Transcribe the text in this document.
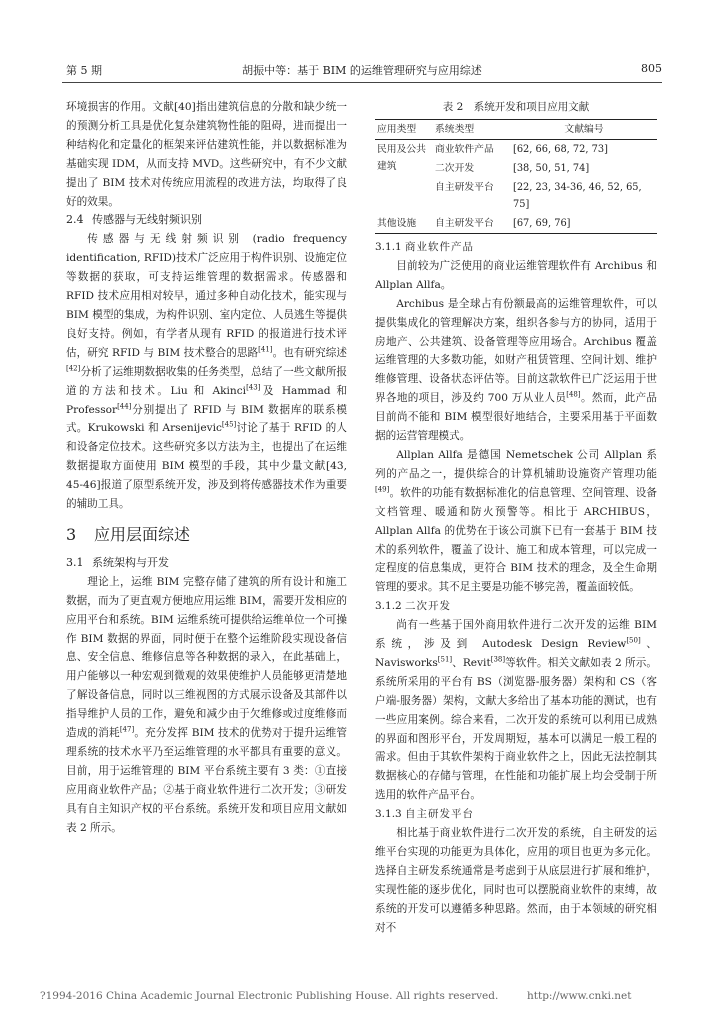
第 5 期	胡振中等：基于 BIM 的运维管理研究与应用综述	805
环境损害的作用。文献[40]指出建筑信息的分散和缺少统一的预测分析工具是优化复杂建筑物性能的阻碍，进而提出一种结构化和定量化的框架来评估建筑性能，并以数据标准为基础实现 IDM，从而支持 MVD。这些研究中，有不少文献提出了 BIM 技术对传统应用流程的改进方法，均取得了良好的效果。
2.4 传感器与无线射频识别
传感器与无线射频识别 (radio frequency identification, RFID)技术广泛应用于构件识别、设施定位等数据的获取，可支持运维管理的数据需求。传感器和 RFID 技术应用相对较早，通过多种自动化技术，能实现与 BIM 模型的集成，为构件识别、室内定位、人员逃生等提供良好支持。例如，有学者从现有 RFID 的报道进行技术评估，研究 RFID 与 BIM 技术整合的思路[41]。也有研究综述[42]分析了运维期数据收集的任务类型，总结了一些文献所报道的方法和技术。Liu 和 Akinci[43]及 Hammad 和 Professor[44]分别提出了 RFID 与 BIM 数据库的联系模式。Krukowski 和 Arsenijevic[45]讨论了基于 RFID 的人和设备定位技术。这些研究多以方法为主，也提出了在运维数据提取方面使用 BIM 模型的手段，其中少量文献[43, 45-46]报道了原型系统开发，涉及到将传感器技术作为重要的辅助工具。
3 应用层面综述
3.1 系统架构与开发
理论上，运维 BIM 完整存储了建筑的所有设计和施工数据，而为了更直观方便地应用运维 BIM，需要开发相应的应用平台和系统。BIM 运维系统可提供给运维单位一个可操作 BIM 数据的界面，同时便于在整个运维阶段实现设备信息、安全信息、维修信息等各种数据的录入，在此基础上，用户能够以一种宏观到微观的效果使维护人员能够更清楚地了解设备信息，同时以三维视图的方式展示设备及其部件以指导维护人员的工作，避免和减少由于欠维修或过度维修而造成的消耗[47]。充分发挥 BIM 技术的优势对于提升运维管理系统的技术水平乃至运维管理的水平都具有重要的意义。目前，用于运维管理的 BIM 平台系统主要有 3 类：①直接应用商业软件产品；②基于商业软件进行二次开发；③研发具有自主知识产权的平台系统。系统开发和项目应用文献如表 2 所示。
表 2　系统开发和项目应用文献
应用类型	系统类型	文献编号
民用及公共建筑	商业软件产品	[62, 66, 68, 72, 73]
	二次开发	[38, 50, 51, 74]
	自主研发平台	[22, 23, 34-36, 46, 52, 65, 75]
其他设施	自主研发平台	[67, 69, 76]
3.1.1 商业软件产品
目前较为广泛使用的商业运维管理软件有 Archibus 和 Allplan Allfa。
Archibus 是全球占有份额最高的运维管理软件，可以提供集成化的管理解决方案，组织各参与方的协同，适用于房地产、公共建筑、设备管理等应用场合。Archibus 覆盖运维管理的大多数功能，如财产租赁管理、空间计划、维护维修管理、设备状态评估等。目前这款软件已广泛运用于世界各地的项目，涉及约 700 万从业人员[48]。然而，此产品目前尚不能和 BIM 模型很好地结合，主要采用基于平面数据的运营管理模式。
Allplan Allfa 是德国 Nemetschek 公司 Allplan 系列的产品之一，提供综合的计算机辅助设施资产管理功能[49]。软件的功能有数据标准化的信息管理、空间管理、设备文档管理、暖通和防火预警等。相比于 ARCHIBUS，Allplan Allfa 的优势在于该公司旗下已有一套基于 BIM 技术的系列软件，覆盖了设计、施工和成本管理，可以完成一定程度的信息集成，更符合 BIM 技术的理念，及全生命期管理的要求。其不足主要是功能不够完善，覆盖面较低。
3.1.2 二次开发
尚有一些基于国外商用软件进行二次开发的运维 BIM 系统，涉及到 Autodesk Design Review[50]、Navisworks[51]、Revit[38]等软件。相关文献如表 2 所示。系统所采用的平台有 BS（浏览器-服务器）架构和 CS（客户端-服务器）架构，文献大多给出了基本功能的测试，也有一些应用案例。综合来看，二次开发的系统可以利用已成熟的界面和图形平台，开发周期短，基本可以满足一般工程的需求。但由于其软件架构于商业软件之上，因此无法控制其数据核心的存储与管理，在性能和功能扩展上均会受制于所选用的软件产品平台。
3.1.3 自主研发平台
相比基于商业软件进行二次开发的系统，自主研发的运维平台实现的功能更为具体化，应用的项目也更为多元化。选择自主研发系统通常是考虑到于从底层进行扩展和维护，实现性能的逐步优化，同时也可以摆脱商业软件的束缚，故系统的开发可以遵循多种思路。然而，由于本领域的研究相对不
?1994-2016 China Academic Journal Electronic Publishing House. All rights reserved.	http://www.cnki.net
